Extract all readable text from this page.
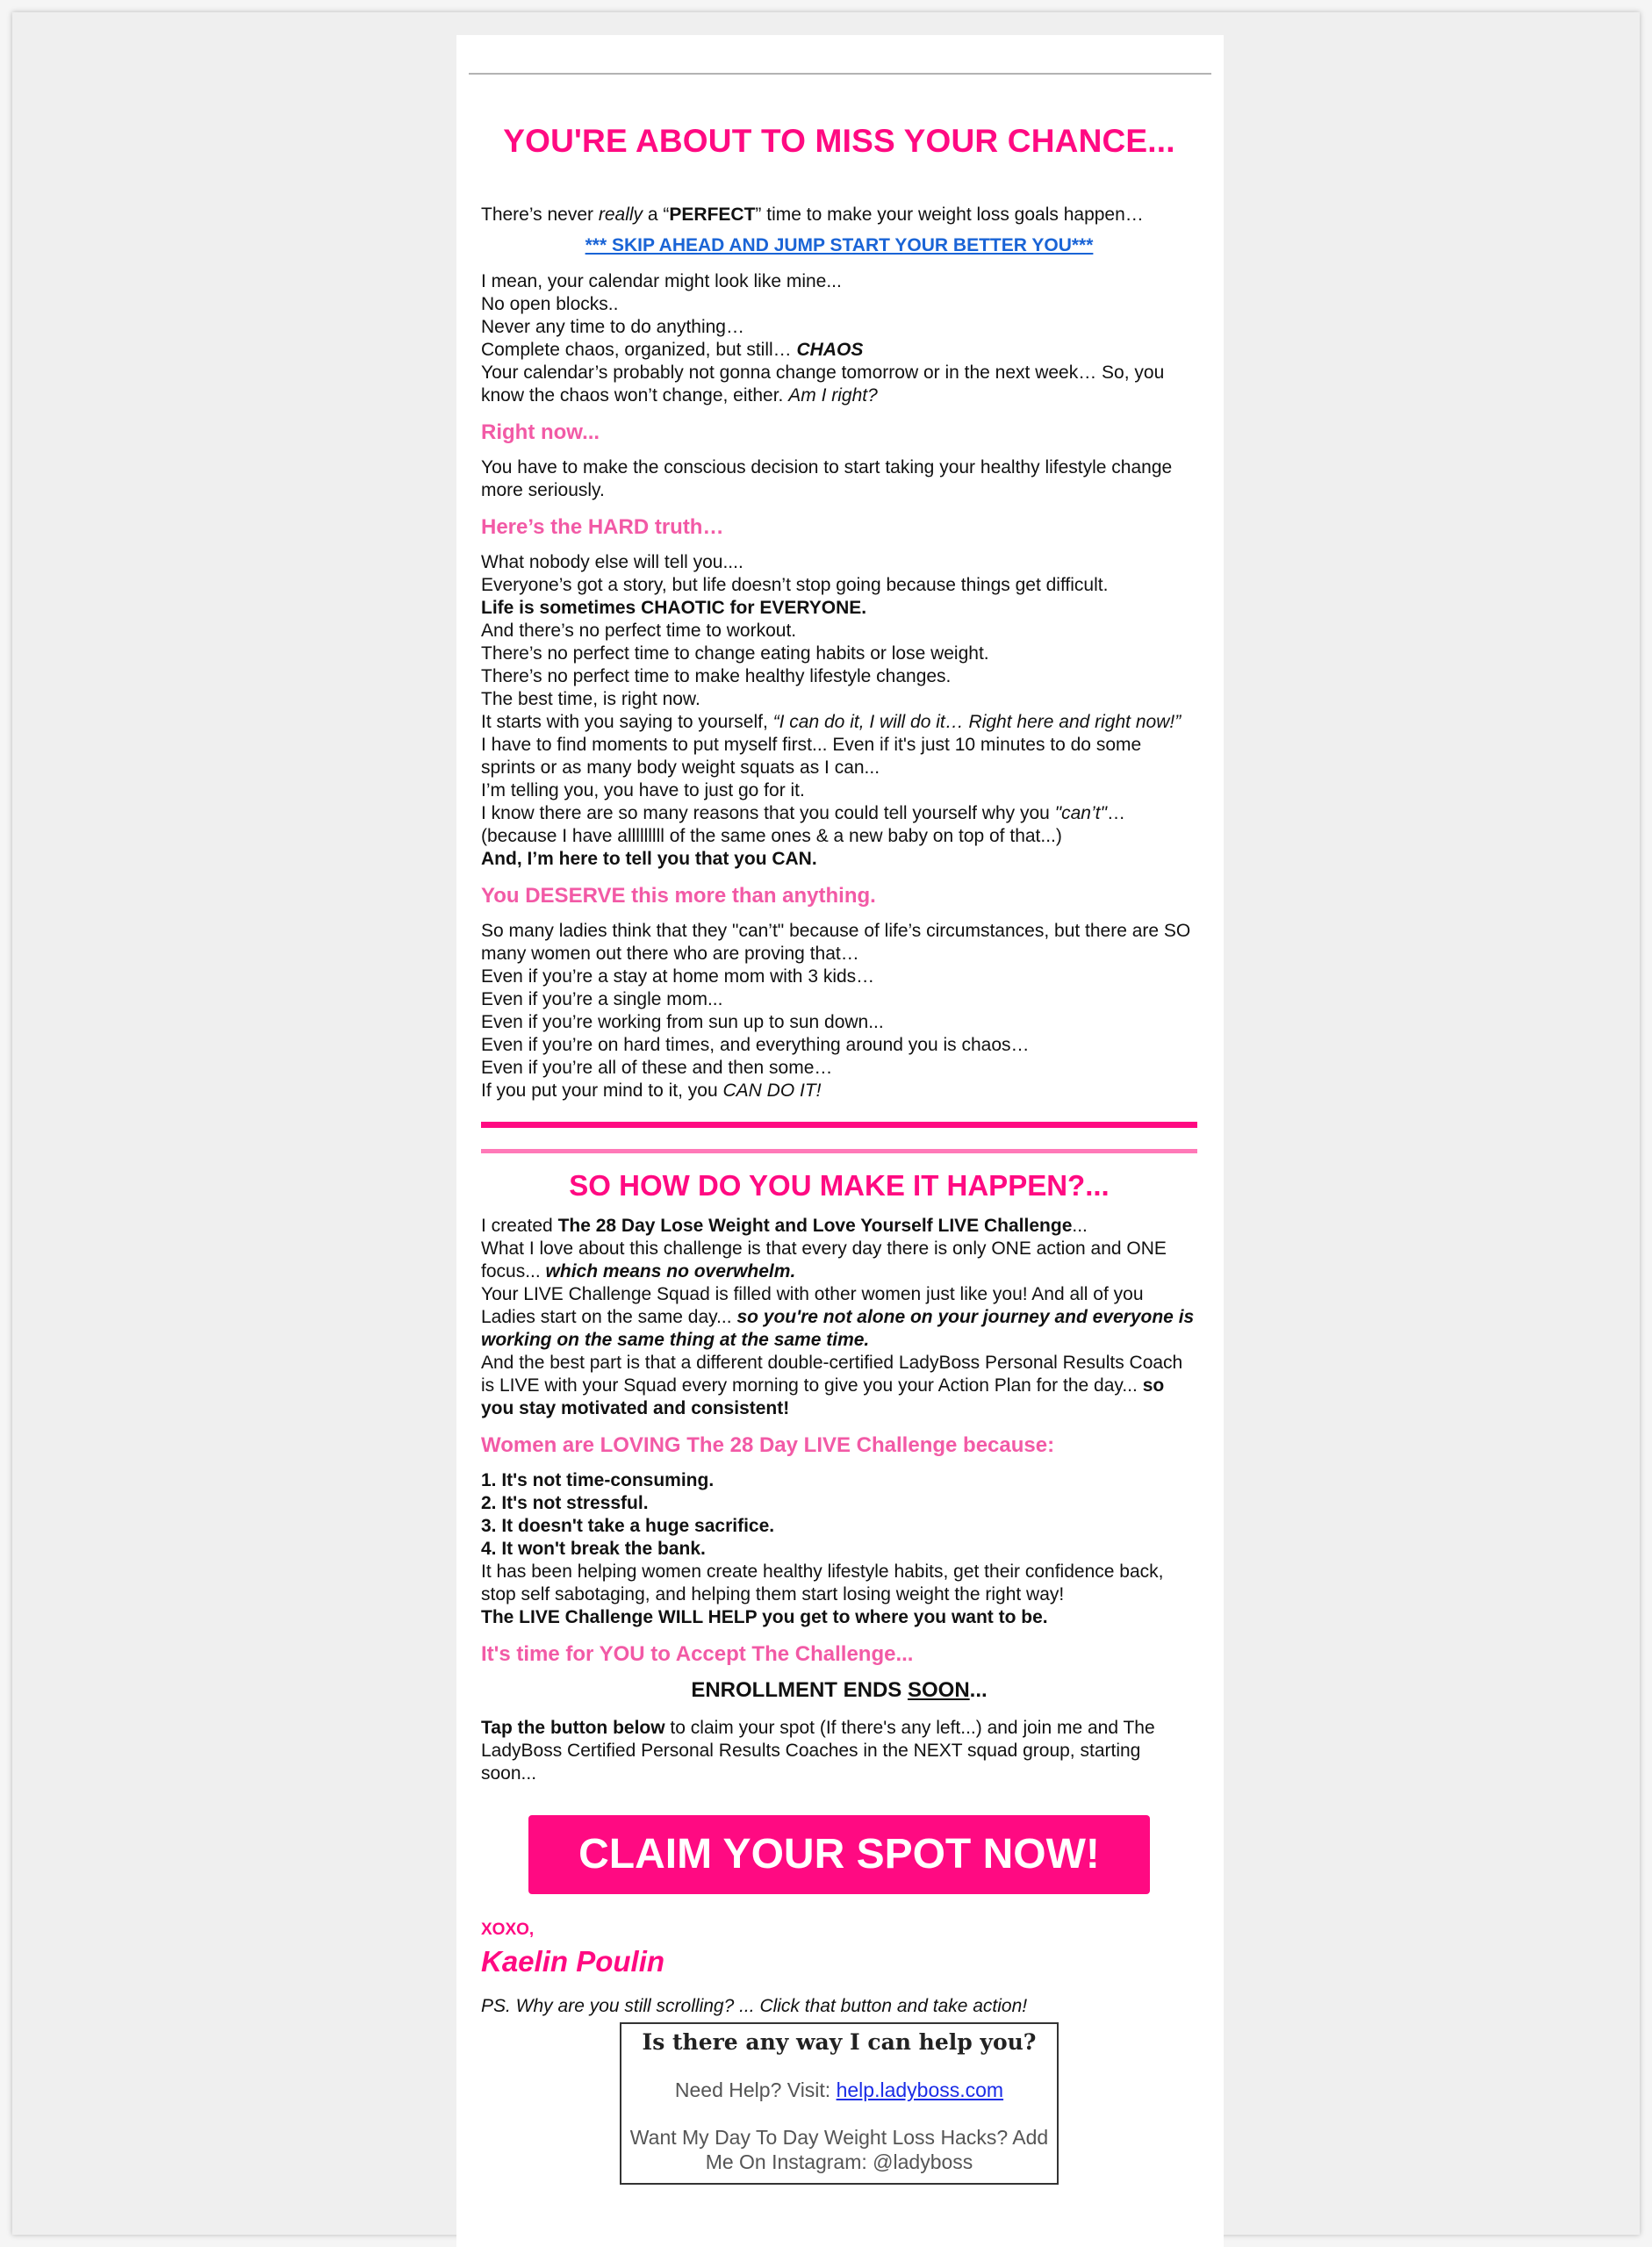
YOU'RE ABOUT TO MISS YOUR CHANCE...

There’s never really a “PERFECT” time to make your weight loss goals happen…

*** SKIP AHEAD AND JUMP START YOUR BETTER YOU***

I mean, your calendar might look like mine...

No open blocks..

Never any time to do anything…

Complete chaos, organized, but still… CHAOS

Your calendar’s probably not gonna change tomorrow or in the next week… So, you know the chaos won’t change, either. Am I right?

Right now...

You have to make the conscious decision to start taking your healthy lifestyle change more seriously.

Here’s the HARD truth…

What nobody else will tell you....

Everyone’s got a story, but life doesn’t stop going because things get difficult.

Life is sometimes CHAOTIC for EVERYONE.

And there’s no perfect time to workout.

There’s no perfect time to change eating habits or lose weight.

There’s no perfect time to make healthy lifestyle changes.

The best time, is right now.

It starts with you saying to yourself, “I can do it, I will do it… Right here and right now!”

I have to find moments to put myself first... Even if it's just 10 minutes to do some sprints or as many body weight squats as I can...

I’m telling you, you have to just go for it.

I know there are so many reasons that you could tell yourself why you "can’t"…

(because I have alllllllll of the same ones & a new baby on top of that...)

And, I’m here to tell you that you CAN.

You DESERVE this more than anything.

So many ladies think that they "can’t" because of life’s circumstances, but there are SO many women out there who are proving that…

Even if you’re a stay at home mom with 3 kids…

Even if you’re a single mom...

Even if you’re working from sun up to sun down...

Even if you’re on hard times, and everything around you is chaos…

Even if you’re all of these and then some…

If you put your mind to it, you CAN DO IT!

SO HOW DO YOU MAKE IT HAPPEN?...

I created The 28 Day Lose Weight and Love Yourself LIVE Challenge...

What I love about this challenge is that every day there is only ONE action and ONE focus... which means no overwhelm.

Your LIVE Challenge Squad is filled with other women just like you! And all of you Ladies start on the same day... so you're not alone on your journey and everyone is working on the same thing at the same time.

And the best part is that a different double-certified LadyBoss Personal Results Coach is LIVE with your Squad every morning to give you your Action Plan for the day... so you stay motivated and consistent!

Women are LOVING The 28 Day LIVE Challenge because:

1. It's not time-consuming.

2. It's not stressful.

3. It doesn't take a huge sacrifice.

4. It won't break the bank.

It has been helping women create healthy lifestyle habits, get their confidence back, stop self sabotaging, and helping them start losing weight the right way!

The LIVE Challenge WILL HELP you get to where you want to be.

It's time for YOU to Accept The Challenge...
ENROLLMENT ENDS SOON...

Tap the button below to claim your spot (If there's any left...) and join me and The LadyBoss Certified Personal Results Coaches in the NEXT squad group, starting soon...

CLAIM YOUR SPOT NOW!
XOXO,
Kaelin Poulin
PS. Why are you still scrolling? ... Click that button and take action!
Is there any way I can help you?
Need Help? Visit: help.ladyboss.com
Want My Day To Day Weight Loss Hacks? Add Me On Instagram: @ladyboss
